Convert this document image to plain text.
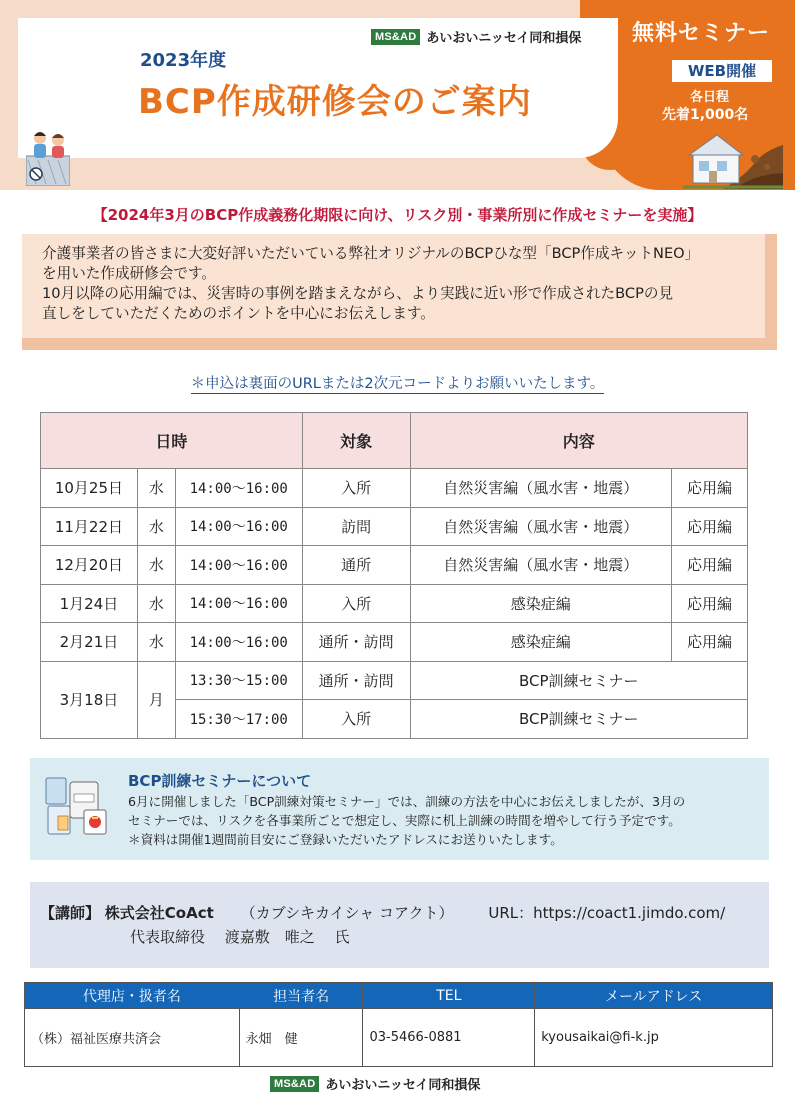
MS&AD あいおいニッセイ同和損保
2023年度
BCP作成研修会のご案内
無料セミナー
WEB開催
各日程
先着1,000名
【2024年3月のBCP作成義務化期限に向け、リスク別・事業所別に作成セミナーを実施】

介護事業者の皆さまに大変好評いただいている弊社オリジナルのBCPひな型「BCP作成キットNEO」

を用いた作成研修会です。

10月以降の応用編では、災害時の事例を踏まえながら、より実践に近い形で作成されたBCPの見

直しをしていただくためのポイントを中心にお伝えします。

＊申込は裏面のURLまたは2次元コードよりお願いいたします。
日時			対象	内容	
10月25日	水	14:00～16:00	入所	自然災害編（風水害・地震）	応用編
11月22日	水	14:00～16:00	訪問	自然災害編（風水害・地震）	応用編
12月20日	水	14:00～16:00	通所	自然災害編（風水害・地震）	応用編
1月24日	水	14:00～16:00	入所	感染症編	応用編
2月21日	水	14:00～16:00	通所・訪問	感染症編	応用編
3月18日	月	13:30～15:00	通所・訪問	BCP訓練セミナー	
		15:30～17:00	入所	BCP訓練セミナー	
BCP訓練セミナーについて

6月に開催しました「BCP訓練対策セミナー」では、訓練の方法を中心にお伝えしましたが、3月の

セミナーでは、リスクを各事業所ごとで想定し、実際に机上訓練の時間を増やして行う予定です。

＊資料は開催1週間前目安にご登録いただいたアドレスにお送りいたします。

【講師】 株式会社CoAct （カブシキカイシャ コアクト） URL：https://coact1.jimdo.com/
代表取締役　 渡嘉敷　唯之　 氏
代理店・扱者名	担当者名	TEL	メールアドレス
（株）福祉医療共済会	永畑　健	03-5466-0881	kyousaikai@fi-k.jp
MS&AD あいおいニッセイ同和損保
